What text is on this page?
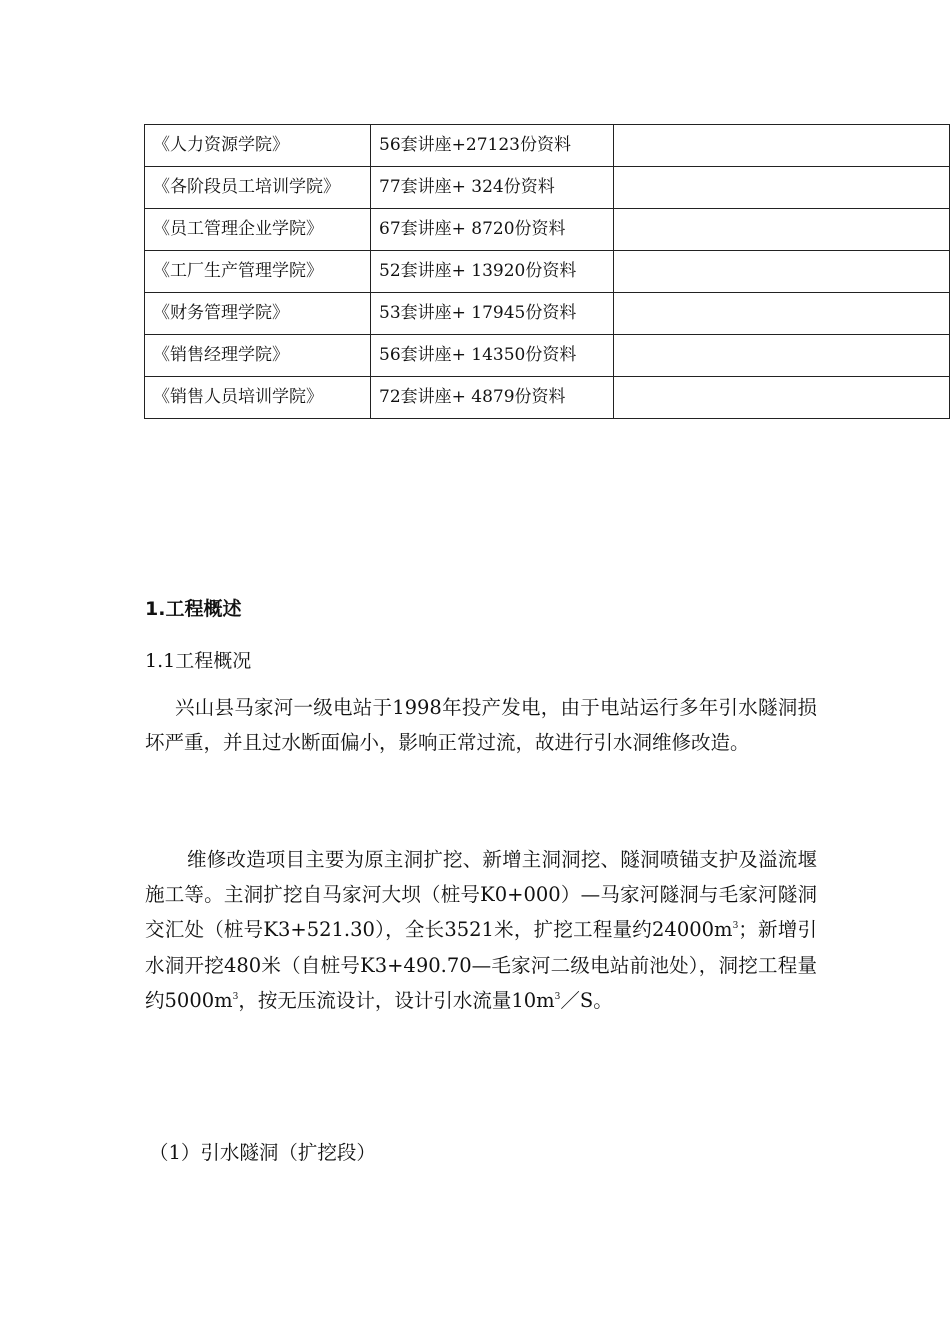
《人力资源学院》	56套讲座+27123份资料	
《各阶段员工培训学院》	77套讲座+ 324份资料	
《员工管理企业学院》	67套讲座+ 8720份资料	
《工厂生产管理学院》	52套讲座+ 13920份资料	
《财务管理学院》	53套讲座+ 17945份资料	
《销售经理学院》	56套讲座+ 14350份资料	
《销售人员培训学院》	72套讲座+ 4879份资料	
1.工程概述
1.1工程概况

兴山县马家河一级电站于1998年投产发电，由于电站运行多年引水隧洞损坏严重，并且过水断面偏小，影响正常过流，故进行引水洞维修改造。

维修改造项目主要为原主洞扩挖、新增主洞洞挖、隧洞喷锚支护及溢流堰施工等。主洞扩挖自马家河大坝（桩号K0+000）—马家河隧洞与毛家河隧洞交汇处（桩号K3+521.30），全长3521米，扩挖工程量约$24000m^3$；新增引水洞开挖480米（自桩号K3+490.70—毛家河二级电站前池处），洞挖工程量约$5000m^3$，按无压流设计，设计引水流量$10m^3/S$。

（1）引水隧洞（扩挖段）
